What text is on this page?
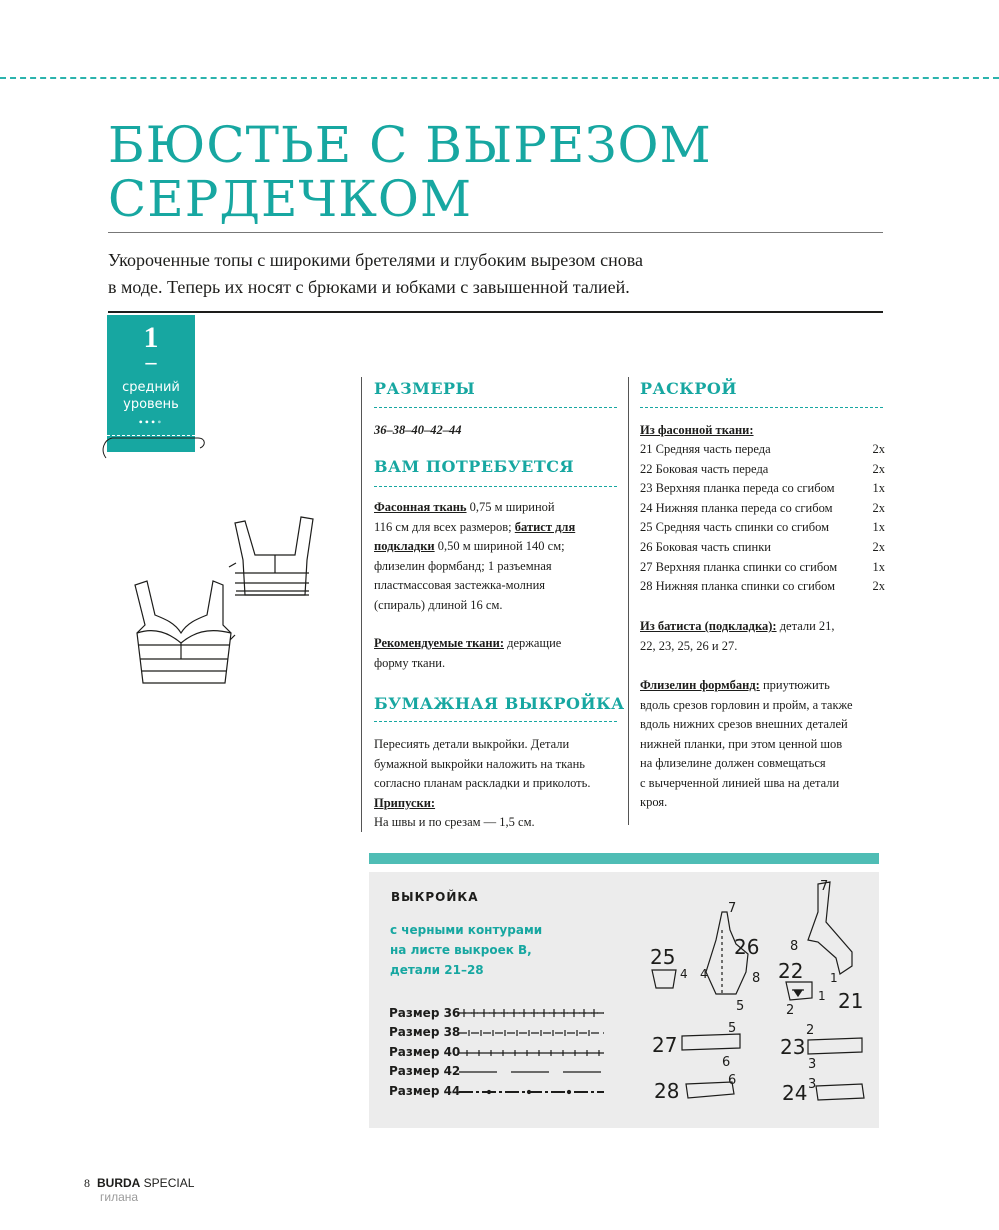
БЮСТЬЕ С ВЫРЕЗОМ
СЕРДЕЧКОМ
Укороченные топы с широкими бретелями и глубоким вырезом снова
в моде. Теперь их носят с брюками и юбками с завышенной талией.
1
–
средний
уровень
••••
РАЗМЕРЫ
36–38–40–42–44
ВАМ ПОТРЕБУЕТСЯ
Фасонная ткань 0,75 м шириной
116 см для всех размеров; батист для
подкладки 0,50 м шириной 140 см;
флизелин формбанд; 1 разъемная
пластмассовая застежка-молния
(спираль) длиной 16 см.
Рекомендуемые ткани: держащие
форму ткани.
БУМАЖНАЯ ВЫКРОЙКА
Пересиять детали выкройки. Детали
бумажной выкройки наложить на ткань
согласно планам раскладки и приколоть.
Припуски:
На швы и по срезам — 1,5 см.
РАСКРОЙ
Из фасонной ткани:
21 Средняя часть переда	2x
22 Боковая часть переда	2x
23 Верхняя планка переда со сгибом	1x
24 Нижняя планка переда со сгибом	2x
25 Средняя часть спинки со сгибом	1x
26 Боковая часть спинки	2x
27 Верхняя планка спинки со сгибом	1x
28 Нижняя планка спинки со сгибом	2x
Из батиста (подкладка): детали 21,
22, 23, 25, 26 и 27.
Флизелин формбанд: приутюжить
вдоль срезов горловин и пройм, а также
вдоль нижних срезов внешних деталей
нижней планки, при этом ценной шов
на флизелине должен совмещаться
с вычерченной линией шва на детали
кроя.
ВЫКРОЙКА
с черными контурами
на листе выкроек В,
детали 21–28
Размер 36
Размер 38
Размер 40
Размер 42
Размер 44
25
4
26
7
4	8
5	21
7
8
1
22
1
2
27
5
6
28	6
23
2
3
24 3
8 BURDA SPECIAL
гилана
